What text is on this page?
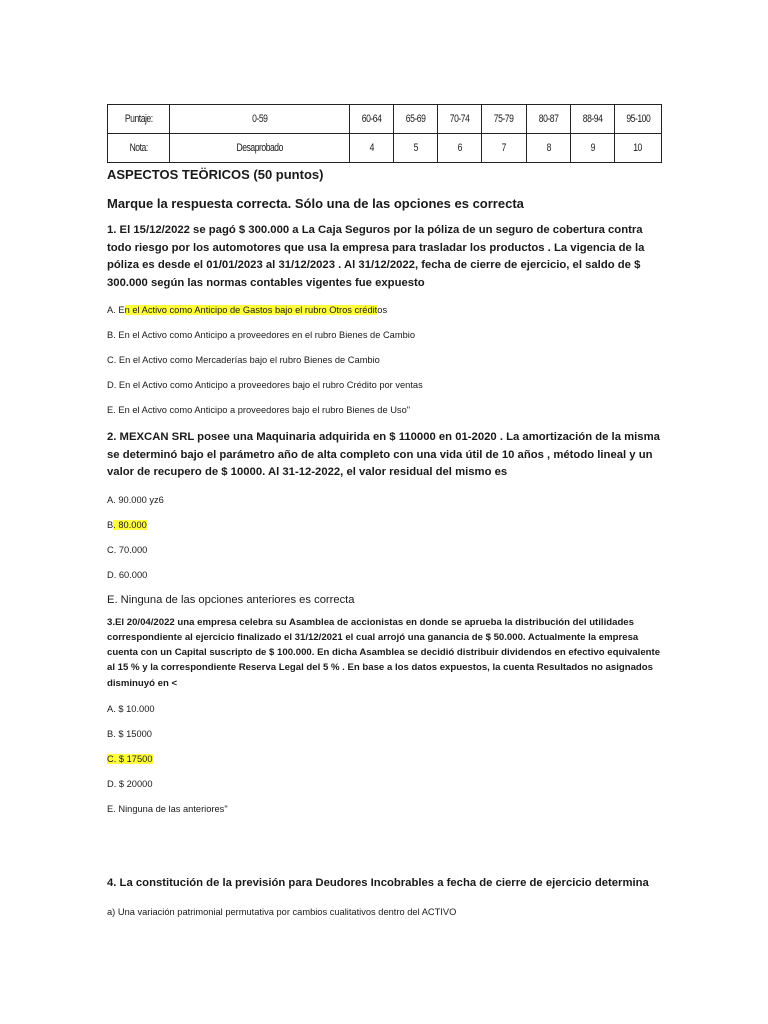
Puntaje:	0-59	60-64	65-69	70-74	75-79	80-87	88-94	95-100
Nota:	Desaprobado	4	5	6	7	8	9	10

ASPECTOS TEÖRICOS (50 puntos)

Marque la respuesta correcta. Sólo una de las opciones es correcta

1. El 15/12/2022 se pagó $ 300.000 a La Caja Seguros por la póliza de un seguro de cobertura contra todo riesgo por los automotores que usa la empresa para trasladar los productos . La vigencia de la póliza es desde el 01/01/2023 al 31/12/2023 . Al 31/12/2022, fecha de cierre de ejercicio, el saldo de $ 300.000 según las normas contables vigentes fue expuesto

A. En el Activo como Anticipo de Gastos bajo el rubro Otros créditos

B. En el Activo como Anticipo a proveedores en el rubro Bienes de Cambio

C. En el Activo como Mercaderías bajo el rubro Bienes de Cambio

D. En el Activo como Anticipo a proveedores bajo el rubro Crédito por ventas

E. En el Activo como Anticipo a proveedores bajo el rubro Bienes de Uso"

2. MEXCAN SRL posee una Maquinaria adquirida en $ 110000 en 01-2020 . La amortización de la misma se determinó bajo el parámetro año de alta completo con una vida útil de 10 años , método lineal y un valor de recupero de $ 10000. Al 31-12-2022, el valor residual del mismo es

A. 90.000 yz6

B. 80.000

C. 70.000

D. 60.000

E. Ninguna de las opciones anteriores es correcta

3.El 20/04/2022 una empresa celebra su Asamblea de accionistas en donde se aprueba la distribución del utilidades correspondiente al ejercicio finalizado el 31/12/2021 el cual arrojó una ganancia de $ 50.000. Actualmente la empresa cuenta con un Capital suscripto de $ 100.000. En dicha Asamblea se decidió distribuir dividendos en efectivo equivalente al 15 % y la correspondiente Reserva Legal del 5 % . En base a los datos expuestos, la cuenta Resultados no asignados disminuyó en <

A. $ 10.000

B. $ 15000

C. $ 17500

D. $ 20000

E. Ninguna de las anteriores"

4. La constitución de la previsión para Deudores Incobrables a fecha de cierre de ejercicio determina

a) Una variación patrimonial permutativa por cambios cualitativos dentro del ACTIVO
